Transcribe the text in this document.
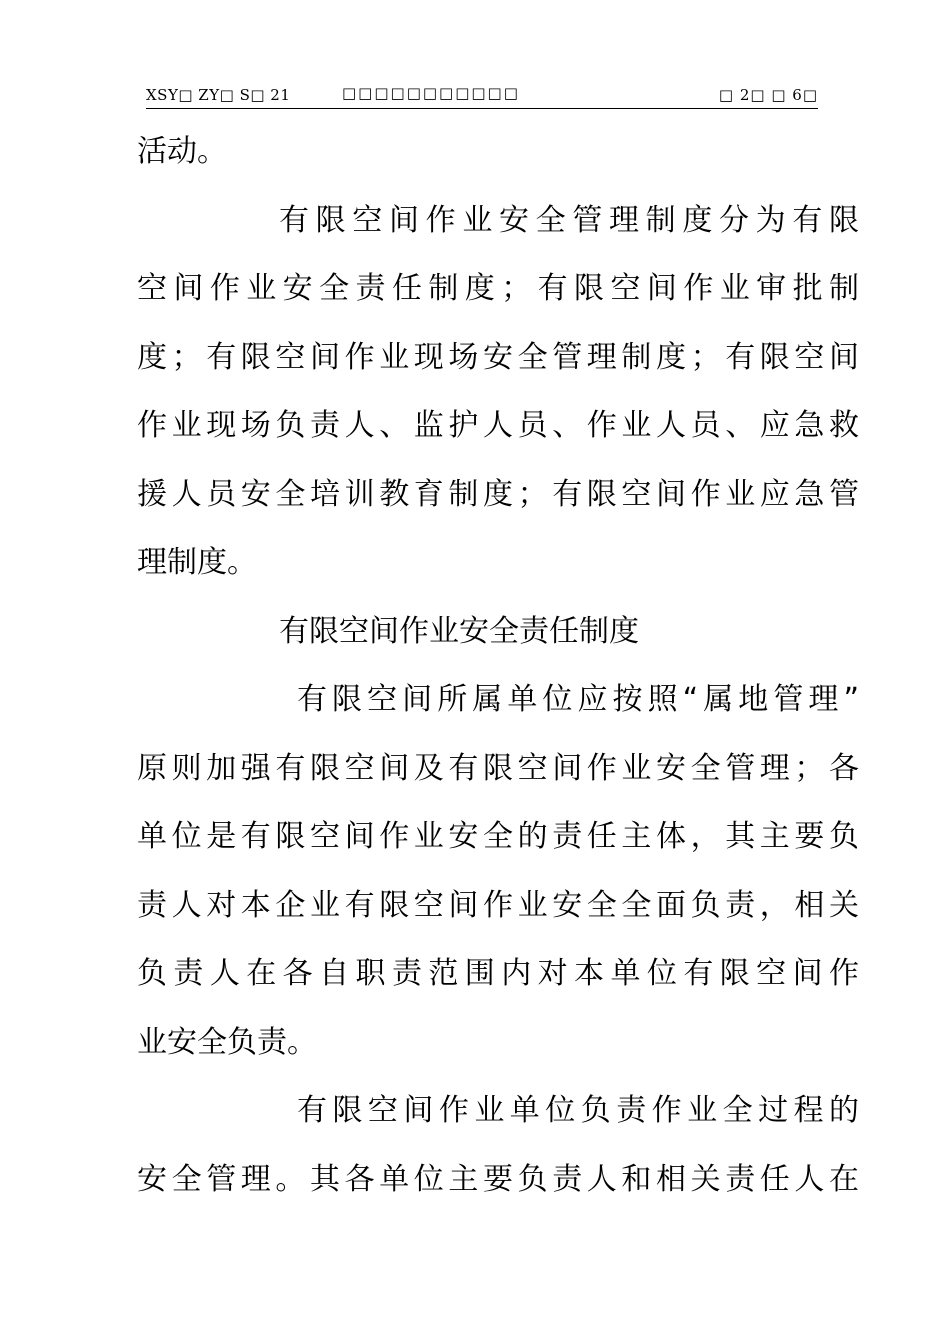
XSY□ ZY□ S□ 21	□□□□□□□□□□□	□ 2□ □ 6□
活动。
有限空间作业安全管理制度分为有限
空间作业安全责任制度；有限空间作业审批制
度；有限空间作业现场安全管理制度；有限空间
作业现场负责人、监护人员、作业人员、应急救
援人员安全培训教育制度；有限空间作业应急管
理制度。
有限空间作业安全责任制度
有限空间所属单位应按照“属地管理”
原则加强有限空间及有限空间作业安全管理；各
单位是有限空间作业安全的责任主体，其主要负
责人对本企业有限空间作业安全全面负责，相关
负责人在各自职责范围内对本单位有限空间作
业安全负责。
有限空间作业单位负责作业全过程的
安全管理。其各单位主要负责人和相关责任人在
